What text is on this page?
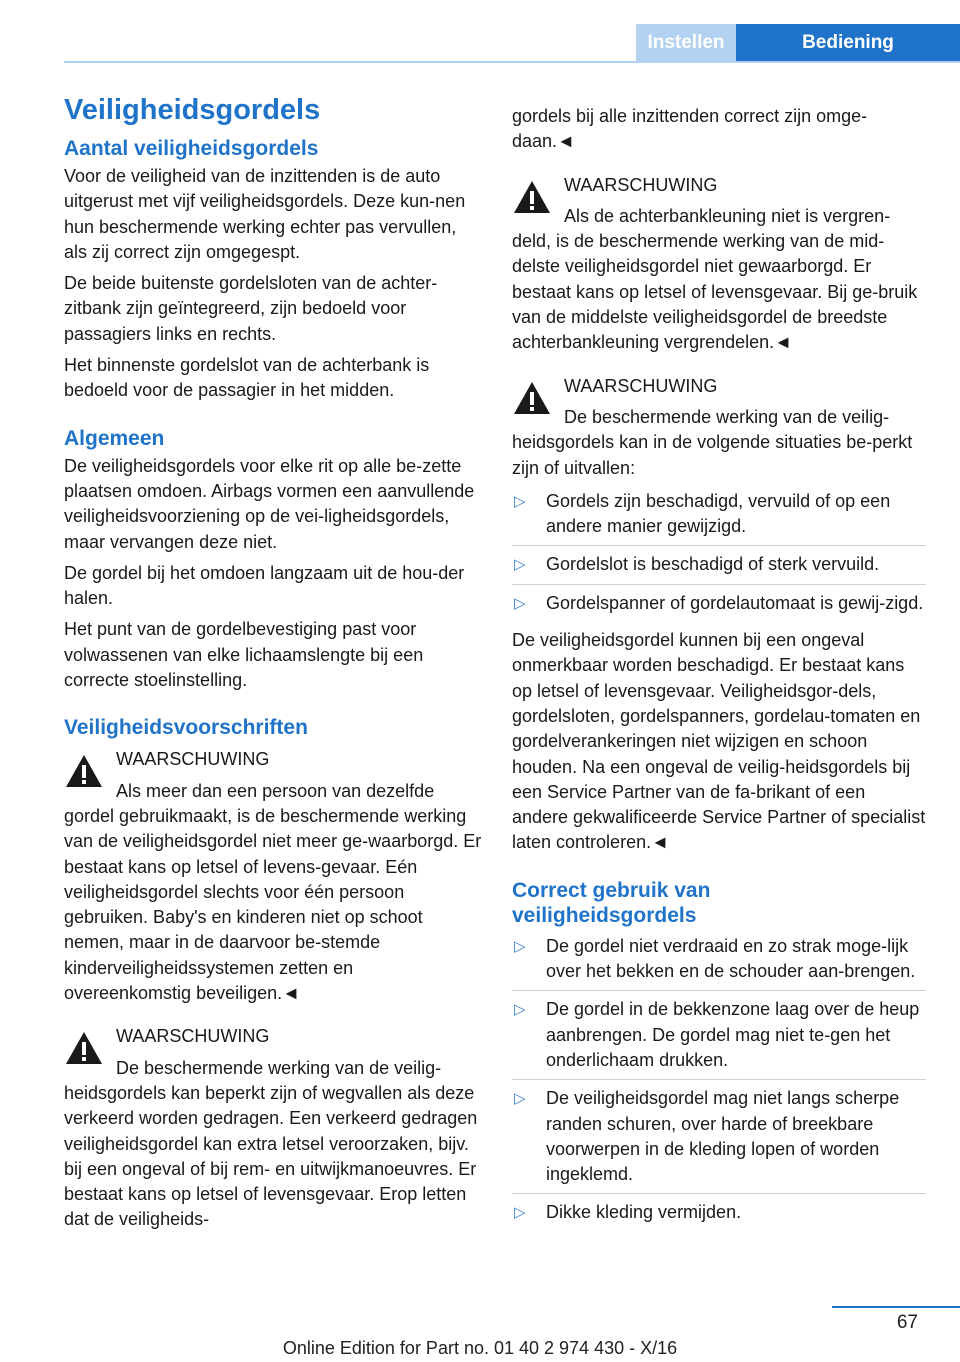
Instellen	Bediening
Veiligheidsgordels
Aantal veiligheidsgordels

Voor de veiligheid van de inzittenden is de auto uitgerust met vijf veiligheidsgordels. Deze kun-nen hun beschermende werking echter pas vervullen, als zij correct zijn omgegespt.

De beide buitenste gordelsloten van de achter-zitbank zijn geïntegreerd, zijn bedoeld voor passagiers links en rechts.

Het binnenste gordelslot van de achterbank is bedoeld voor de passagier in het midden.

Algemeen

De veiligheidsgordels voor elke rit op alle be-zette plaatsen omdoen. Airbags vormen een aanvullende veiligheidsvoorziening op de vei-ligheidsgordels, maar vervangen deze niet.

De gordel bij het omdoen langzaam uit de hou-der halen.

Het punt van de gordelbevestiging past voor volwassenen van elke lichaamslengte bij een correcte stoelinstelling.

Veiligheidsvoorschriften

WAARSCHUWING

Als meer dan een persoon van dezelfde gordel gebruikmaakt, is de beschermende werking van de veiligheidsgordel niet meer ge-waarborgd. Er bestaat kans op letsel of levens-gevaar. Eén veiligheidsgordel slechts voor één persoon gebruiken. Baby's en kinderen niet op schoot nemen, maar in de daarvoor be-stemde kinderveiligheidssystemen zetten en overeenkomstig beveiligen.◄

WAARSCHUWING

De beschermende werking van de veilig-heidsgordels kan beperkt zijn of wegvallen als deze verkeerd worden gedragen. Een verkeerd gedragen veiligheidsgordel kan extra letsel veroorzaken, bijv. bij een ongeval of bij rem- en uitwijkmanoeuvres. Er bestaat kans op letsel of levensgevaar. Erop letten dat de veiligheids-

gordels bij alle inzittenden correct zijn omge-daan.◄

WAARSCHUWING

Als de achterbankleuning niet is vergren-deld, is de beschermende werking van de mid-delste veiligheidsgordel niet gewaarborgd. Er bestaat kans op letsel of levensgevaar. Bij ge-bruik van de middelste veiligheidsgordel de breedste achterbankleuning vergrendelen.◄

WAARSCHUWING

De beschermende werking van de veilig-heidsgordels kan in de volgende situaties be-perkt zijn of uitvallen:

▷ Gordels zijn beschadigd, vervuild of op een andere manier gewijzigd.
▷ Gordelslot is beschadigd of sterk vervuild.
▷ Gordelspanner of gordelautomaat is gewij-zigd.

De veiligheidsgordel kunnen bij een ongeval onmerkbaar worden beschadigd. Er bestaat kans op letsel of levensgevaar. Veiligheidsgor-dels, gordelsloten, gordelspanners, gordelau-tomaten en gordelverankeringen niet wijzigen en schoon houden. Na een ongeval de veilig-heidsgordels bij een Service Partner van de fa-brikant of een andere gekwalificeerde Service Partner of specialist laten controleren.◄

Correct gebruik van veiligheidsgordels
▷ De gordel niet verdraaid en zo strak moge-lijk over het bekken en de schouder aan-brengen.
▷ De gordel in de bekkenzone laag over de heup aanbrengen. De gordel mag niet te-gen het onderlichaam drukken.
▷ De veiligheidsgordel mag niet langs scherpe randen schuren, over harde of breekbare voorwerpen in de kleding lopen of worden ingeklemd.
▷ Dikke kleding vermijden.
67
Online Edition for Part no. 01 40 2 974 430 - X/16
